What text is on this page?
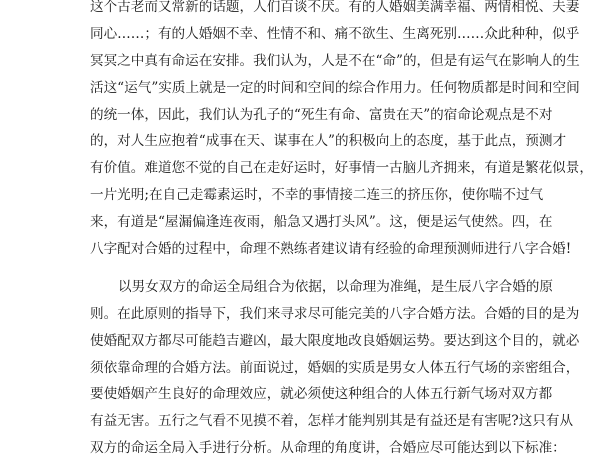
这个古老而又常新的话题，人们百谈不厌。有的人婚姻美满幸福、两情相悦、夫妻
同心……；有的人婚姻不幸、性情不和、痛不欲生、生离死别……众此种种，似乎
冥冥之中真有命运在安排。我们认为，人是不在“命”的，但是有运气在影响人的生
活这“运气”实质上就是一定的时间和空间的综合作用力。任何物质都是时间和空间
的统一体，因此，我们认为孔子的“死生有命、富贵在天”的宿命论观点是不对
的，对人生应抱着“成事在天、谋事在人”的积极向上的态度，基于此点，预测才
有价值。难道您不觉的自己在走好运时，好事情一古脑儿齐拥来，有道是繁花似景，
一片光明;在自己走霉素运时，不幸的事情接二连三的挤压你，使你喘不过气
来，有道是“屋漏偏逢连夜雨，船急又遇打头风”。这，便是运气使然。四，在
八字配对合婚的过程中，命理不熟练者建议请有经验的命理预测师进行八字合婚!
以男女双方的命运全局组合为依据，以命理为准绳，是生辰八字合婚的原
则。在此原则的指导下，我们来寻求尽可能完美的八字合婚方法。合婚的目的是为
使婚配双方都尽可能趋吉避凶，最大限度地改良婚姻运势。要达到这个目的，就必
须依靠命理的合婚方法。前面说过，婚姻的实质是男女人体五行气场的亲密组合，
要使婚姻产生良好的命理效应，就必须使这种组合的人体五行新气场对双方都
有益无害。五行之气看不见摸不着，怎样才能判别其是有益还是有害呢?这只有从
双方的命运全局入手进行分析。从命理的角度讲，合婚应尽可能达到以下标准：
